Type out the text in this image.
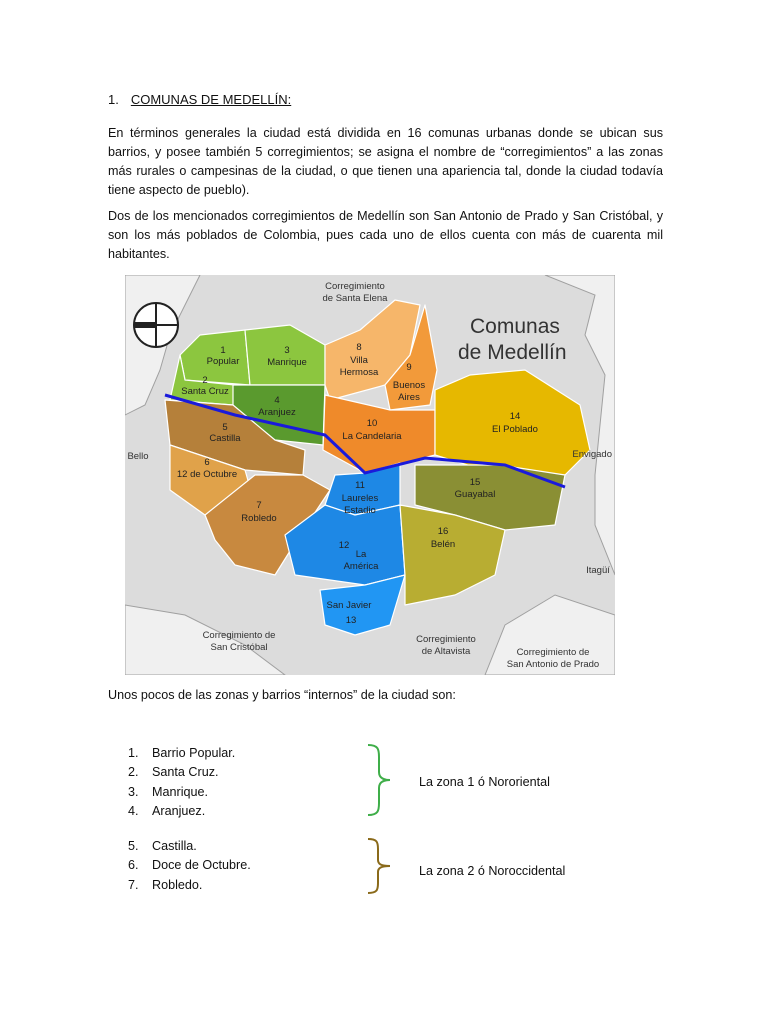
1. COMUNAS DE MEDELLÍN:
En términos generales la ciudad está dividida en 16 comunas urbanas donde se ubican sus barrios, y posee también 5 corregimientos; se asigna el nombre de “corregimientos” a las zonas más rurales o campesinas de la ciudad, o que tienen una apariencia tal, donde la ciudad todavía tiene aspecto de pueblo).
Dos de los mencionados corregimientos de Medellín son San Antonio de Prado y San Cristóbal, y son los más poblados de Colombia, pues cada uno de ellos cuenta con más de cuarenta mil habitantes.
Comunas
de Medellín
1
Popular
2
Santa Cruz
3
Manrique
4
Aranjuez
5
Castilla
6
12 de Octubre
7
Robledo
8
Villa
Hermosa	9
Buenos
Aires
10
La Candelaria
11
Laureles
Estadio
12
La
América
San Javier
13
14
El Poblado
15
Guayabal
16
Belén
Corregimiento
de Santa Elena
Bello	Envigado
Itagüí
Corregimiento de
San Cristóbal
Corregimiento
de Altavista	Corregimiento de
San Antonio de Prado
Unos pocos de las zonas y barrios “internos” de la ciudad son:
1. Barrio Popular.
2. Santa Cruz.
3. Manrique.
4. Aranjuez.
La zona 1 ó Nororiental
5. Castilla.
6. Doce de Octubre.
7. Robledo.
La zona 2 ó Noroccidental
